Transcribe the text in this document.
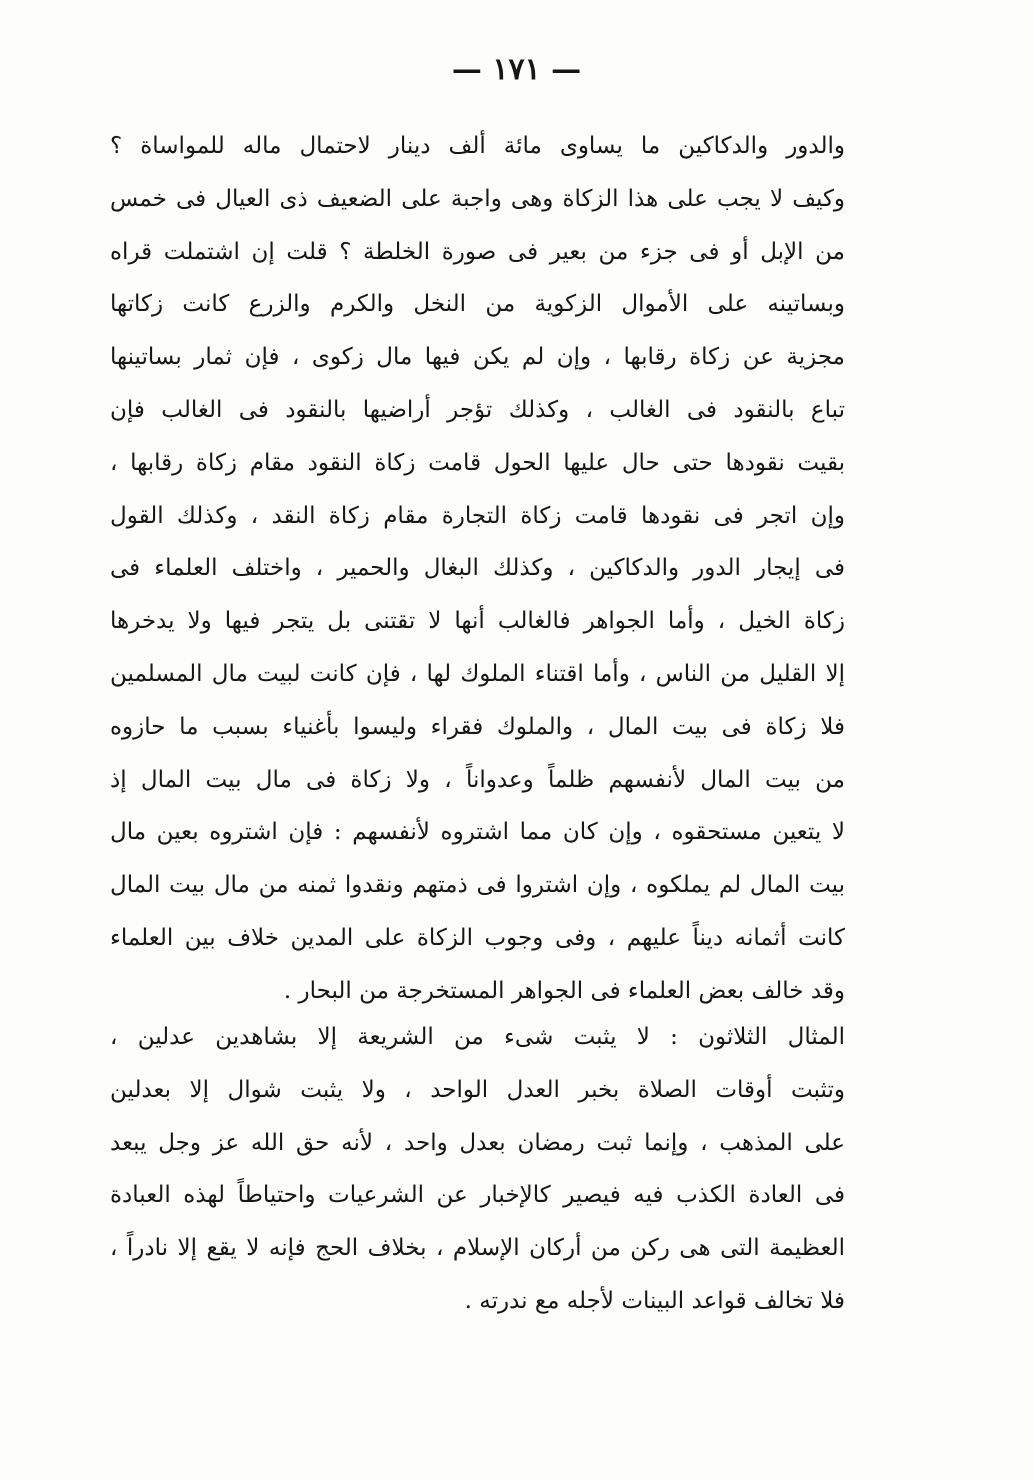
— ١٧١ —
والدور والدكاكين ما يساوى مائة ألف دينار لاحتمال ماله للمواساة ؟
وكيف لا يجب على هذا الزكاة وهى واجبة على الضعيف ذى العيال فى خمس
من الإبل أو فى جزء من بعير فى صورة الخلطة ؟ قلت إن اشتملت قراه
وبساتينه على الأموال الزكوية من النخل والكرم والزرع كانت زكاتها
مجزية عن زكاة رقابها ، وإن لم يكن فيها مال زكوى ، فإن ثمار بساتينها
تباع بالنقود فى الغالب ، وكذلك تؤجر أراضيها بالنقود فى الغالب فإن
بقيت نقودها حتى حال عليها الحول قامت زكاة النقود مقام زكاة رقابها ،
وإن اتجر فى نقودها قامت زكاة التجارة مقام زكاة النقد ، وكذلك القول
فى إيجار الدور والدكاكين ، وكذلك البغال والحمير ، واختلف العلماء فى
زكاة الخيل ، وأما الجواهر فالغالب أنها لا تقتنى بل يتجر فيها ولا يدخرها
إلا القليل من الناس ، وأما اقتناء الملوك لها ، فإن كانت لبيت مال المسلمين
فلا زكاة فى بيت المال ، والملوك فقراء وليسوا بأغنياء بسبب ما حازوه
من بيت المال لأنفسهم ظلماً وعدواناً ، ولا زكاة فى مال بيت المال إذ
لا يتعين مستحقوه ، وإن كان مما اشتروه لأنفسهم : فإن اشتروه بعين مال
بيت المال لم يملكوه ، وإن اشتروا فى ذمتهم ونقدوا ثمنه من مال بيت المال
كانت أثمانه ديناً عليهم ، وفى وجوب الزكاة على المدين خلاف بين العلماء
وقد خالف بعض العلماء فى الجواهر المستخرجة من البحار .
المثال الثلاثون : لا يثبت شىء من الشريعة إلا بشاهدين عدلين ،
وتثبت أوقات الصلاة بخبر العدل الواحد ، ولا يثبت شوال إلا بعدلين
على المذهب ، وإنما ثبت رمضان بعدل واحد ، لأنه حق الله عز وجل يبعد
فى العادة الكذب فيه فيصير كالإخبار عن الشرعيات واحتياطاً لهذه العبادة
العظيمة التى هى ركن من أركان الإسلام ، بخلاف الحج فإنه لا يقع إلا نادراً ،
فلا تخالف قواعد البينات لأجله مع ندرته .
